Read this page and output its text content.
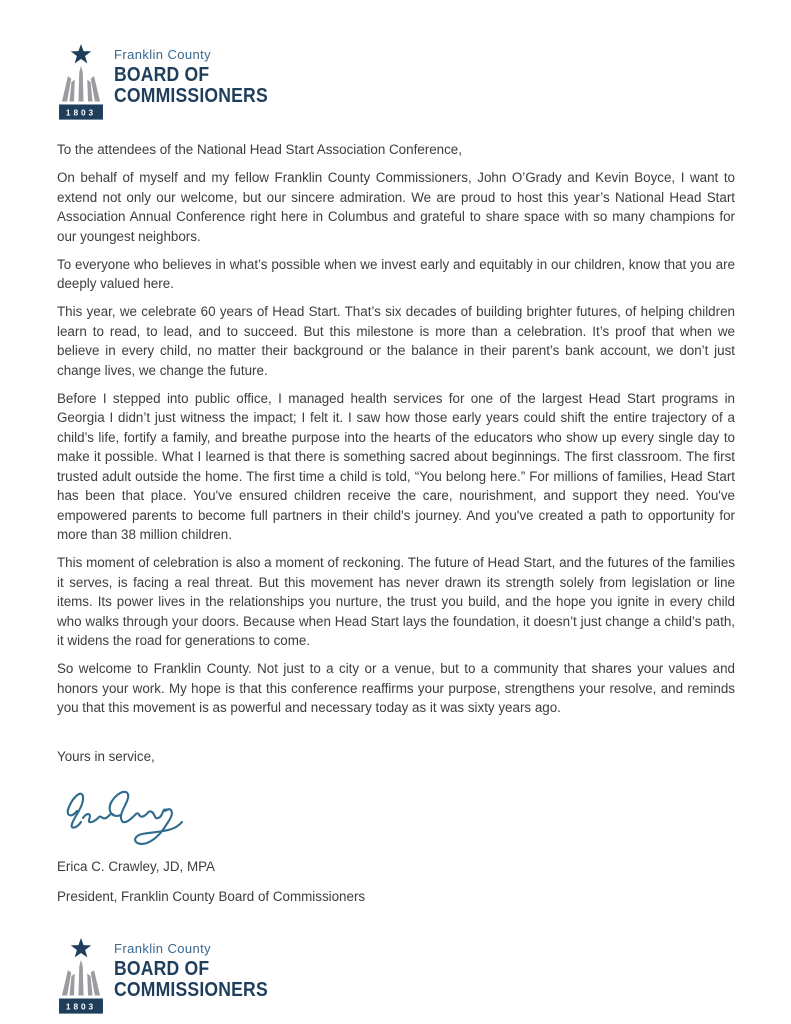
1803
Franklin County
BOARD OF
COMMISSIONERS

To the attendees of the National Head Start Association Conference,

On behalf of myself and my fellow Franklin County Commissioners, John O’Grady and Kevin Boyce, I want to extend not only our welcome, but our sincere admiration. We are proud to host this year’s National Head Start Association Annual Conference right here in Columbus and grateful to share space with so many champions for our youngest neighbors.

To everyone who believes in what’s possible when we invest early and equitably in our children, know that you are deeply valued here.

This year, we celebrate 60 years of Head Start. That’s six decades of building brighter futures, of helping children learn to read, to lead, and to succeed. But this milestone is more than a celebration. It’s proof that when we believe in every child, no matter their background or the balance in their parent’s bank account, we don’t just change lives, we change the future.

Before I stepped into public office, I managed health services for one of the largest Head Start programs in Georgia I didn’t just witness the impact; I felt it. I saw how those early years could shift the entire trajectory of a child’s life, fortify a family, and breathe purpose into the hearts of the educators who show up every single day to make it possible. What I learned is that there is something sacred about beginnings. The first classroom. The first trusted adult outside the home. The first time a child is told, “You belong here.” For millions of families, Head Start has been that place. You've ensured children receive the care, nourishment, and support they need. You've empowered parents to become full partners in their child's journey. And you've created a path to opportunity for more than 38 million children.

This moment of celebration is also a moment of reckoning. The future of Head Start, and the futures of the families it serves, is facing a real threat. But this movement has never drawn its strength solely from legislation or line items. Its power lives in the relationships you nurture, the trust you build, and the hope you ignite in every child who walks through your doors. Because when Head Start lays the foundation, it doesn’t just change a child’s path, it widens the road for generations to come.

So welcome to Franklin County. Not just to a city or a venue, but to a community that shares your values and honors your work. My hope is that this conference reaffirms your purpose, strengthens your resolve, and reminds you that this movement is as powerful and necessary today as it was sixty years ago.

Yours in service,

Erica C. Crawley, JD, MPA

President, Franklin County Board of Commissioners

1803
Franklin County
BOARD OF
COMMISSIONERS
